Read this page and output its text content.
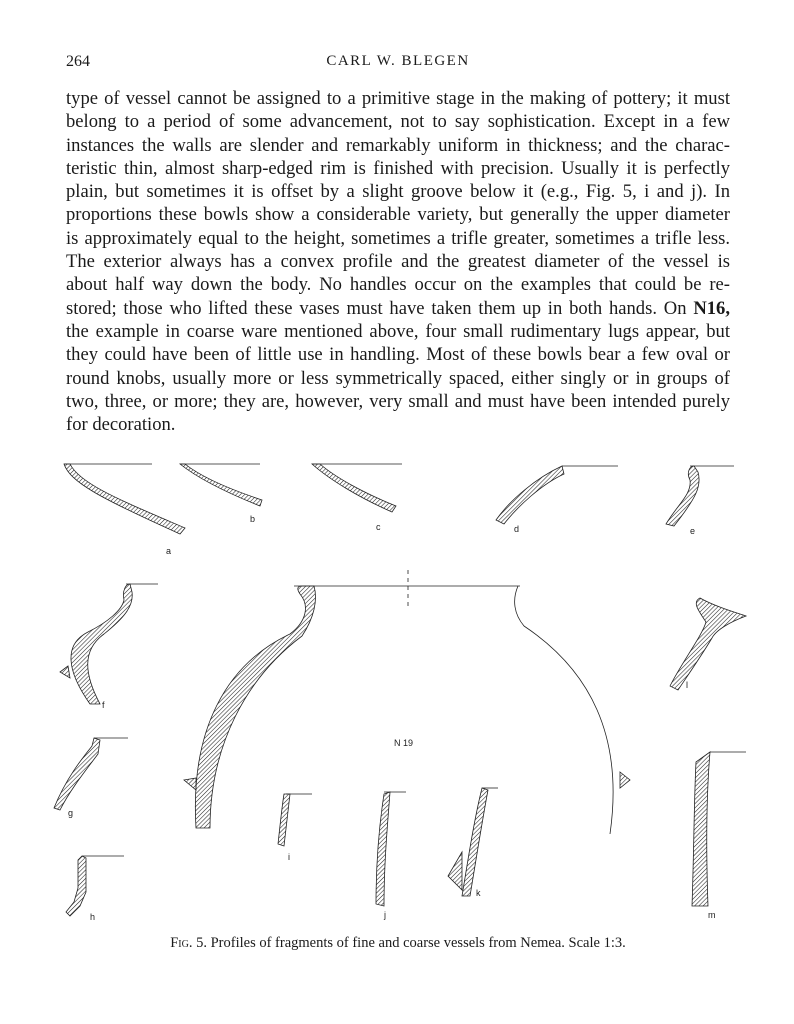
264	CARL W. BLEGEN

type of vessel cannot be assigned to a primitive stage in the making of pottery; it must
belong to a period of some advancement, not to say sophistication. Except in a few
instances the walls are slender and remarkably uniform in thickness; and the charac-
teristic thin, almost sharp-edged rim is finished with precision. Usually it is perfectly
plain, but sometimes it is offset by a slight groove below it (e.g., Fig. 5, i and j). In
proportions these bowls show a considerable variety, but generally the upper diameter
is approximately equal to the height, sometimes a trifle greater, sometimes a trifle less.
The exterior always has a convex profile and the greatest diameter of the vessel is
about half way down the body. No handles occur on the examples that could be re-
stored; those who lifted these vases must have taken them up in both hands. On N16,
the example in coarse ware mentioned above, four small rudimentary lugs appear, but
they could have been of little use in handling. Most of these bowls bear a few oval or
round knobs, usually more or less symmetrically spaced, either singly or in groups of
two, three, or more; they are, however, very small and must have been intended purely
for decoration.

a
b
c	d	e
f
N 19
l
g
h
i
j
k
m
Fig. 5. Profiles of fragments of fine and coarse vessels from Nemea. Scale 1:3.
